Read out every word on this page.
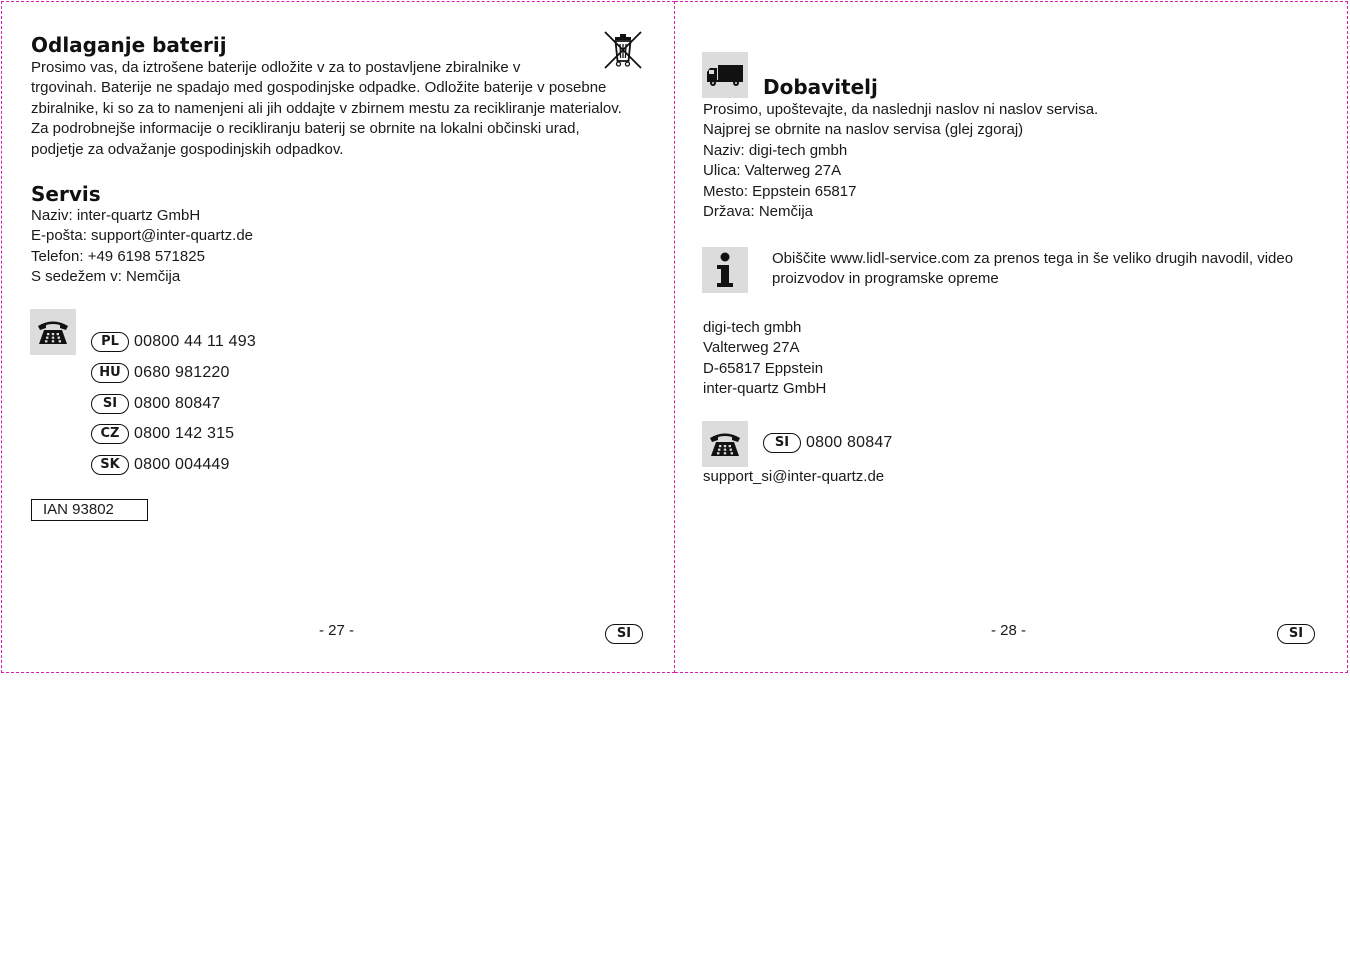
Odlaganje baterij
Prosimo vas, da iztrošene baterije odložite v za to postavljene zbiralnike v
trgovinah. Baterije ne spadajo med gospodinjske odpadke. Odložite baterije v posebne
zbiralnike, ki so za to namenjeni ali jih oddajte v zbirnem mestu za recikliranje materialov.
Za podrobnejše informacije o recikliranju baterij se obrnite na lokalni občinski urad,
podjetje za odvažanje gospodinjskih odpadkov.
Servis
Naziv: inter-quartz GmbH
E-pošta: support@inter-quartz.de
Telefon: +49 6198 571825
S sedežem v: Nemčija
PL 00800 44 11 493
HU 0680 981220
SI	0800 80847
CZ 0800 142 315
SK 0800 004449
IAN 93802
- 27 -	SI
Dobavitelj
Prosimo, upoštevajte, da naslednji naslov ni naslov servisa.
Najprej se obrnite na naslov servisa (glej zgoraj)
Naziv: digi-tech gmbh
Ulica: Valterweg 27A
Mesto: Eppstein 65817
Država: Nemčija
Obiščite www.lidl-service.com za prenos tega in še veliko drugih navodil, video
proizvodov in programske opreme
digi-tech gmbh
Valterweg 27A
D-65817 Eppstein
inter-quartz GmbH
SI	0800 80847
support_si@inter-quartz.de
- 28 -	SI
